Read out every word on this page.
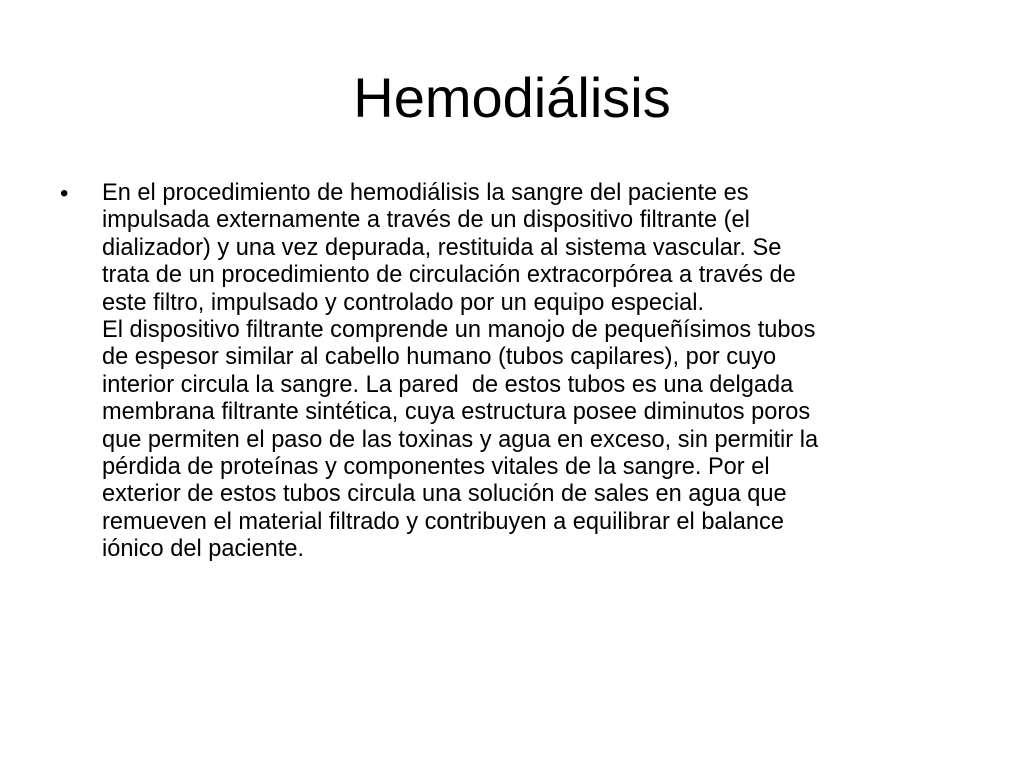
Hemodiálisis
• En el procedimiento de hemodiálisis la sangre del paciente es
impulsada externamente a través de un dispositivo filtrante (el
dializador) y una vez depurada, restituida al sistema vascular. Se
trata de un procedimiento de circulación extracorpórea a través de
este filtro, impulsado y controlado por un equipo especial.
El dispositivo filtrante comprende un manojo de pequeñísimos tubos
de espesor similar al cabello humano (tubos capilares), por cuyo
interior circula la sangre. La pared  de estos tubos es una delgada
membrana filtrante sintética, cuya estructura posee diminutos poros
que permiten el paso de las toxinas y agua en exceso, sin permitir la
pérdida de proteínas y componentes vitales de la sangre. Por el
exterior de estos tubos circula una solución de sales en agua que
remueven el material filtrado y contribuyen a equilibrar el balance
iónico del paciente.
